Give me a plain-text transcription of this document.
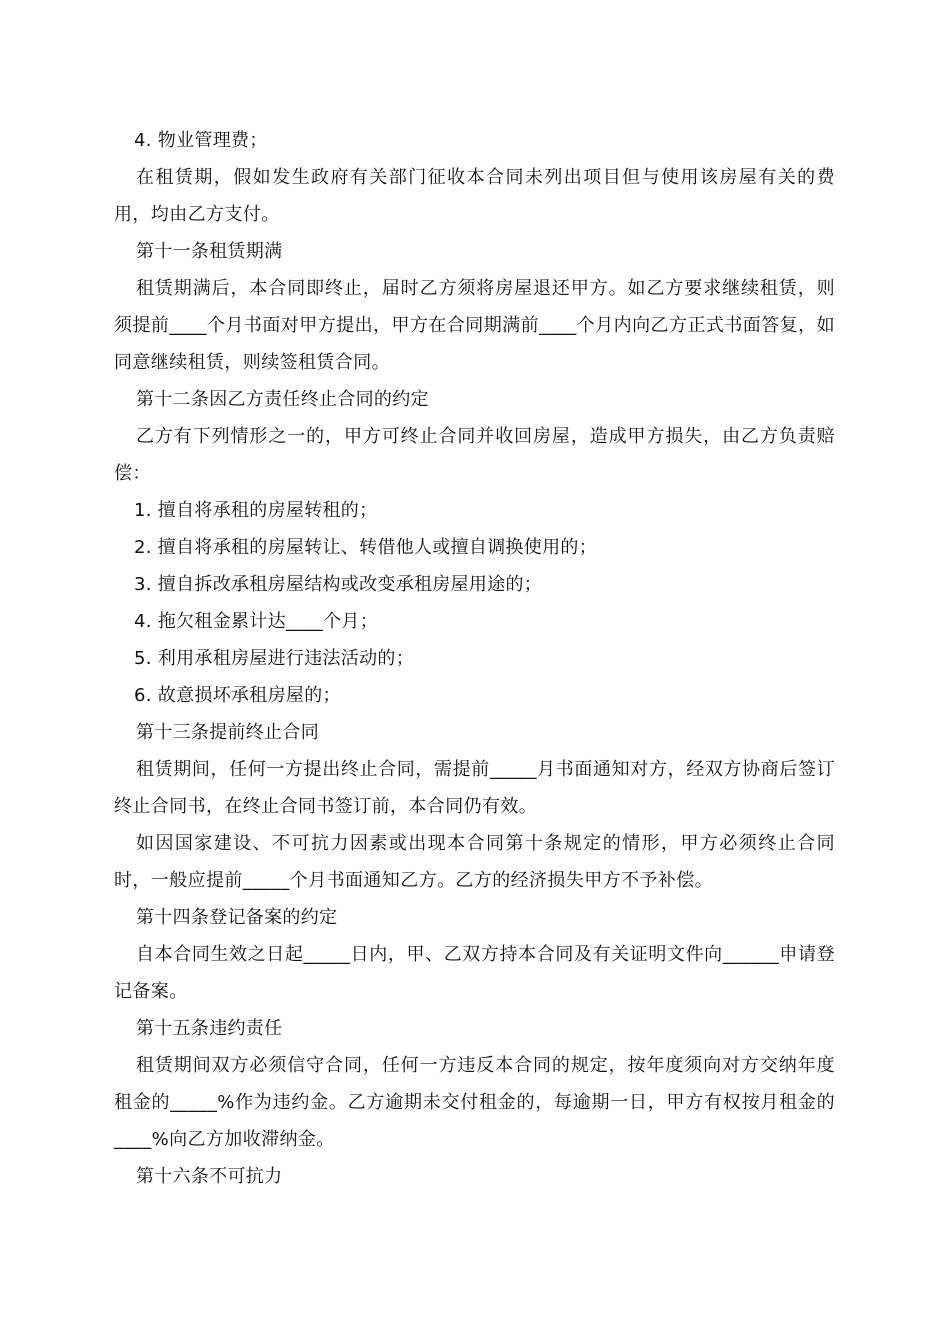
4. 物业管理费；

在租赁期，假如发生政府有关部门征收本合同未列出项目但与使用该房屋有关的费用，均由乙方支付。

第十一条租赁期满

租赁期满后，本合同即终止，届时乙方须将房屋退还甲方。如乙方要求继续租赁，则须提前____个月书面对甲方提出，甲方在合同期满前____个月内向乙方正式书面答复，如同意继续租赁，则续签租赁合同。

第十二条因乙方责任终止合同的约定

乙方有下列情形之一的，甲方可终止合同并收回房屋，造成甲方损失，由乙方负责赔偿：

1. 擅自将承租的房屋转租的；
2. 擅自将承租的房屋转让、转借他人或擅自调换使用的；
3. 擅自拆改承租房屋结构或改变承租房屋用途的；
4. 拖欠租金累计达____个月；
5. 利用承租房屋进行违法活动的；
6. 故意损坏承租房屋的；
第十三条提前终止合同

租赁期间，任何一方提出终止合同，需提前_____月书面通知对方，经双方协商后签订终止合同书，在终止合同书签订前，本合同仍有效。

如因国家建设、不可抗力因素或出现本合同第十条规定的情形，甲方必须终止合同时，一般应提前_____个月书面通知乙方。乙方的经济损失甲方不予补偿。

第十四条登记备案的约定

自本合同生效之日起_____日内，甲、乙双方持本合同及有关证明文件向______申请登记备案。

第十五条违约责任

租赁期间双方必须信守合同，任何一方违反本合同的规定，按年度须向对方交纳年度租金的_____%作为违约金。乙方逾期未交付租金的，每逾期一日，甲方有权按月租金的____%向乙方加收滞纳金。

第十六条不可抗力
